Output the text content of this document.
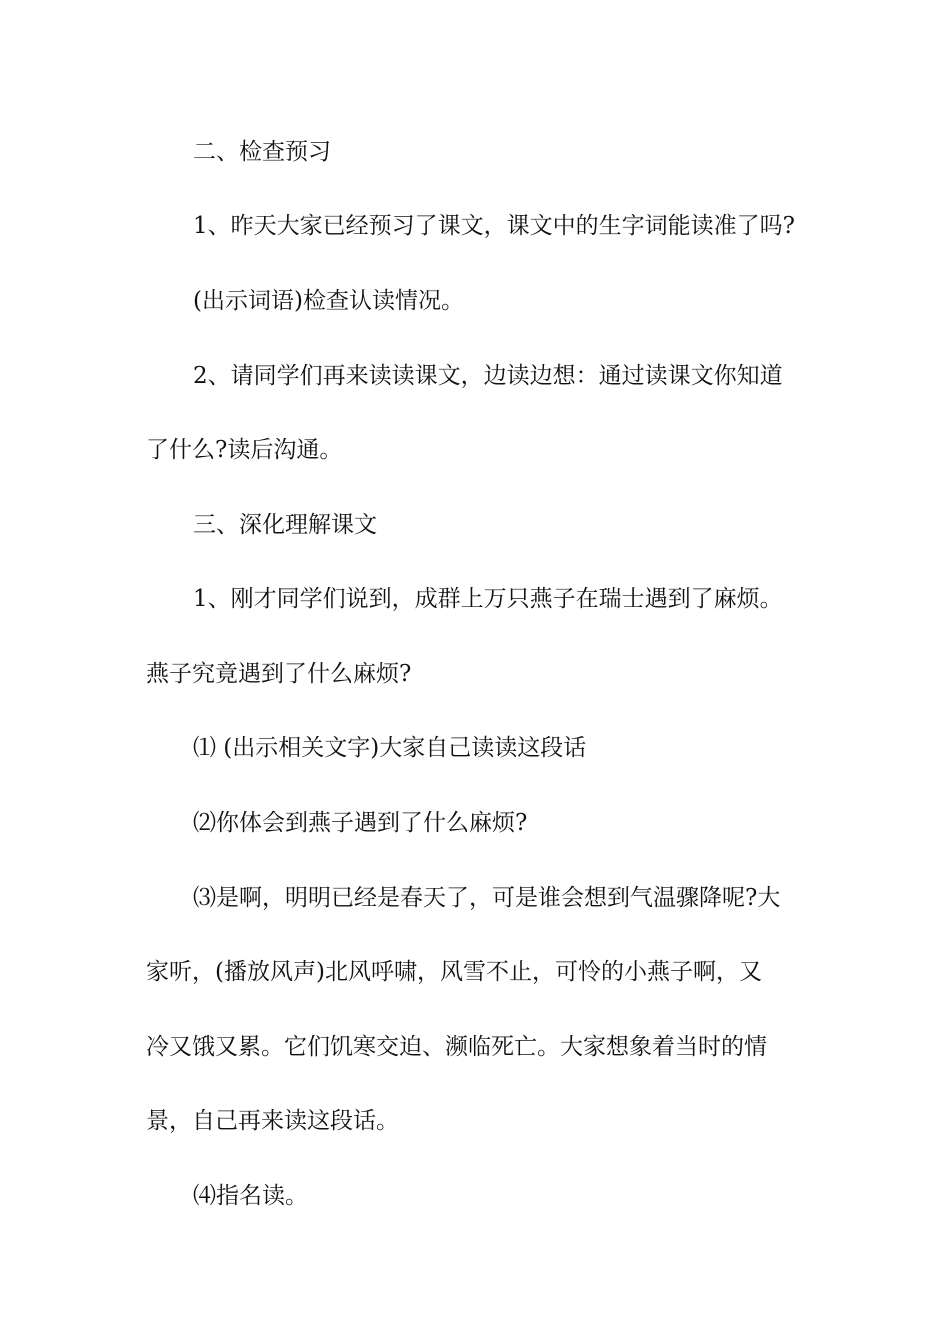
二、检查预习
1、昨天大家已经预习了课文，课文中的生字词能读准了吗?
(出示词语)检查认读情况。
2、请同学们再来读读课文，边读边想：通过读课文你知道
了什么?读后沟通。
三、深化理解课文
1、刚才同学们说到，成群上万只燕子在瑞士遇到了麻烦。
燕子究竟遇到了什么麻烦?
⑴ (出示相关文字)大家自己读读这段话
⑵你体会到燕子遇到了什么麻烦?
⑶是啊，明明已经是春天了，可是谁会想到气温骤降呢?大
家听，(播放风声)北风呼啸，风雪不止，可怜的小燕子啊，又
冷又饿又累。它们饥寒交迫、濒临死亡。大家想象着当时的情
景，自己再来读这段话。
⑷指名读。
